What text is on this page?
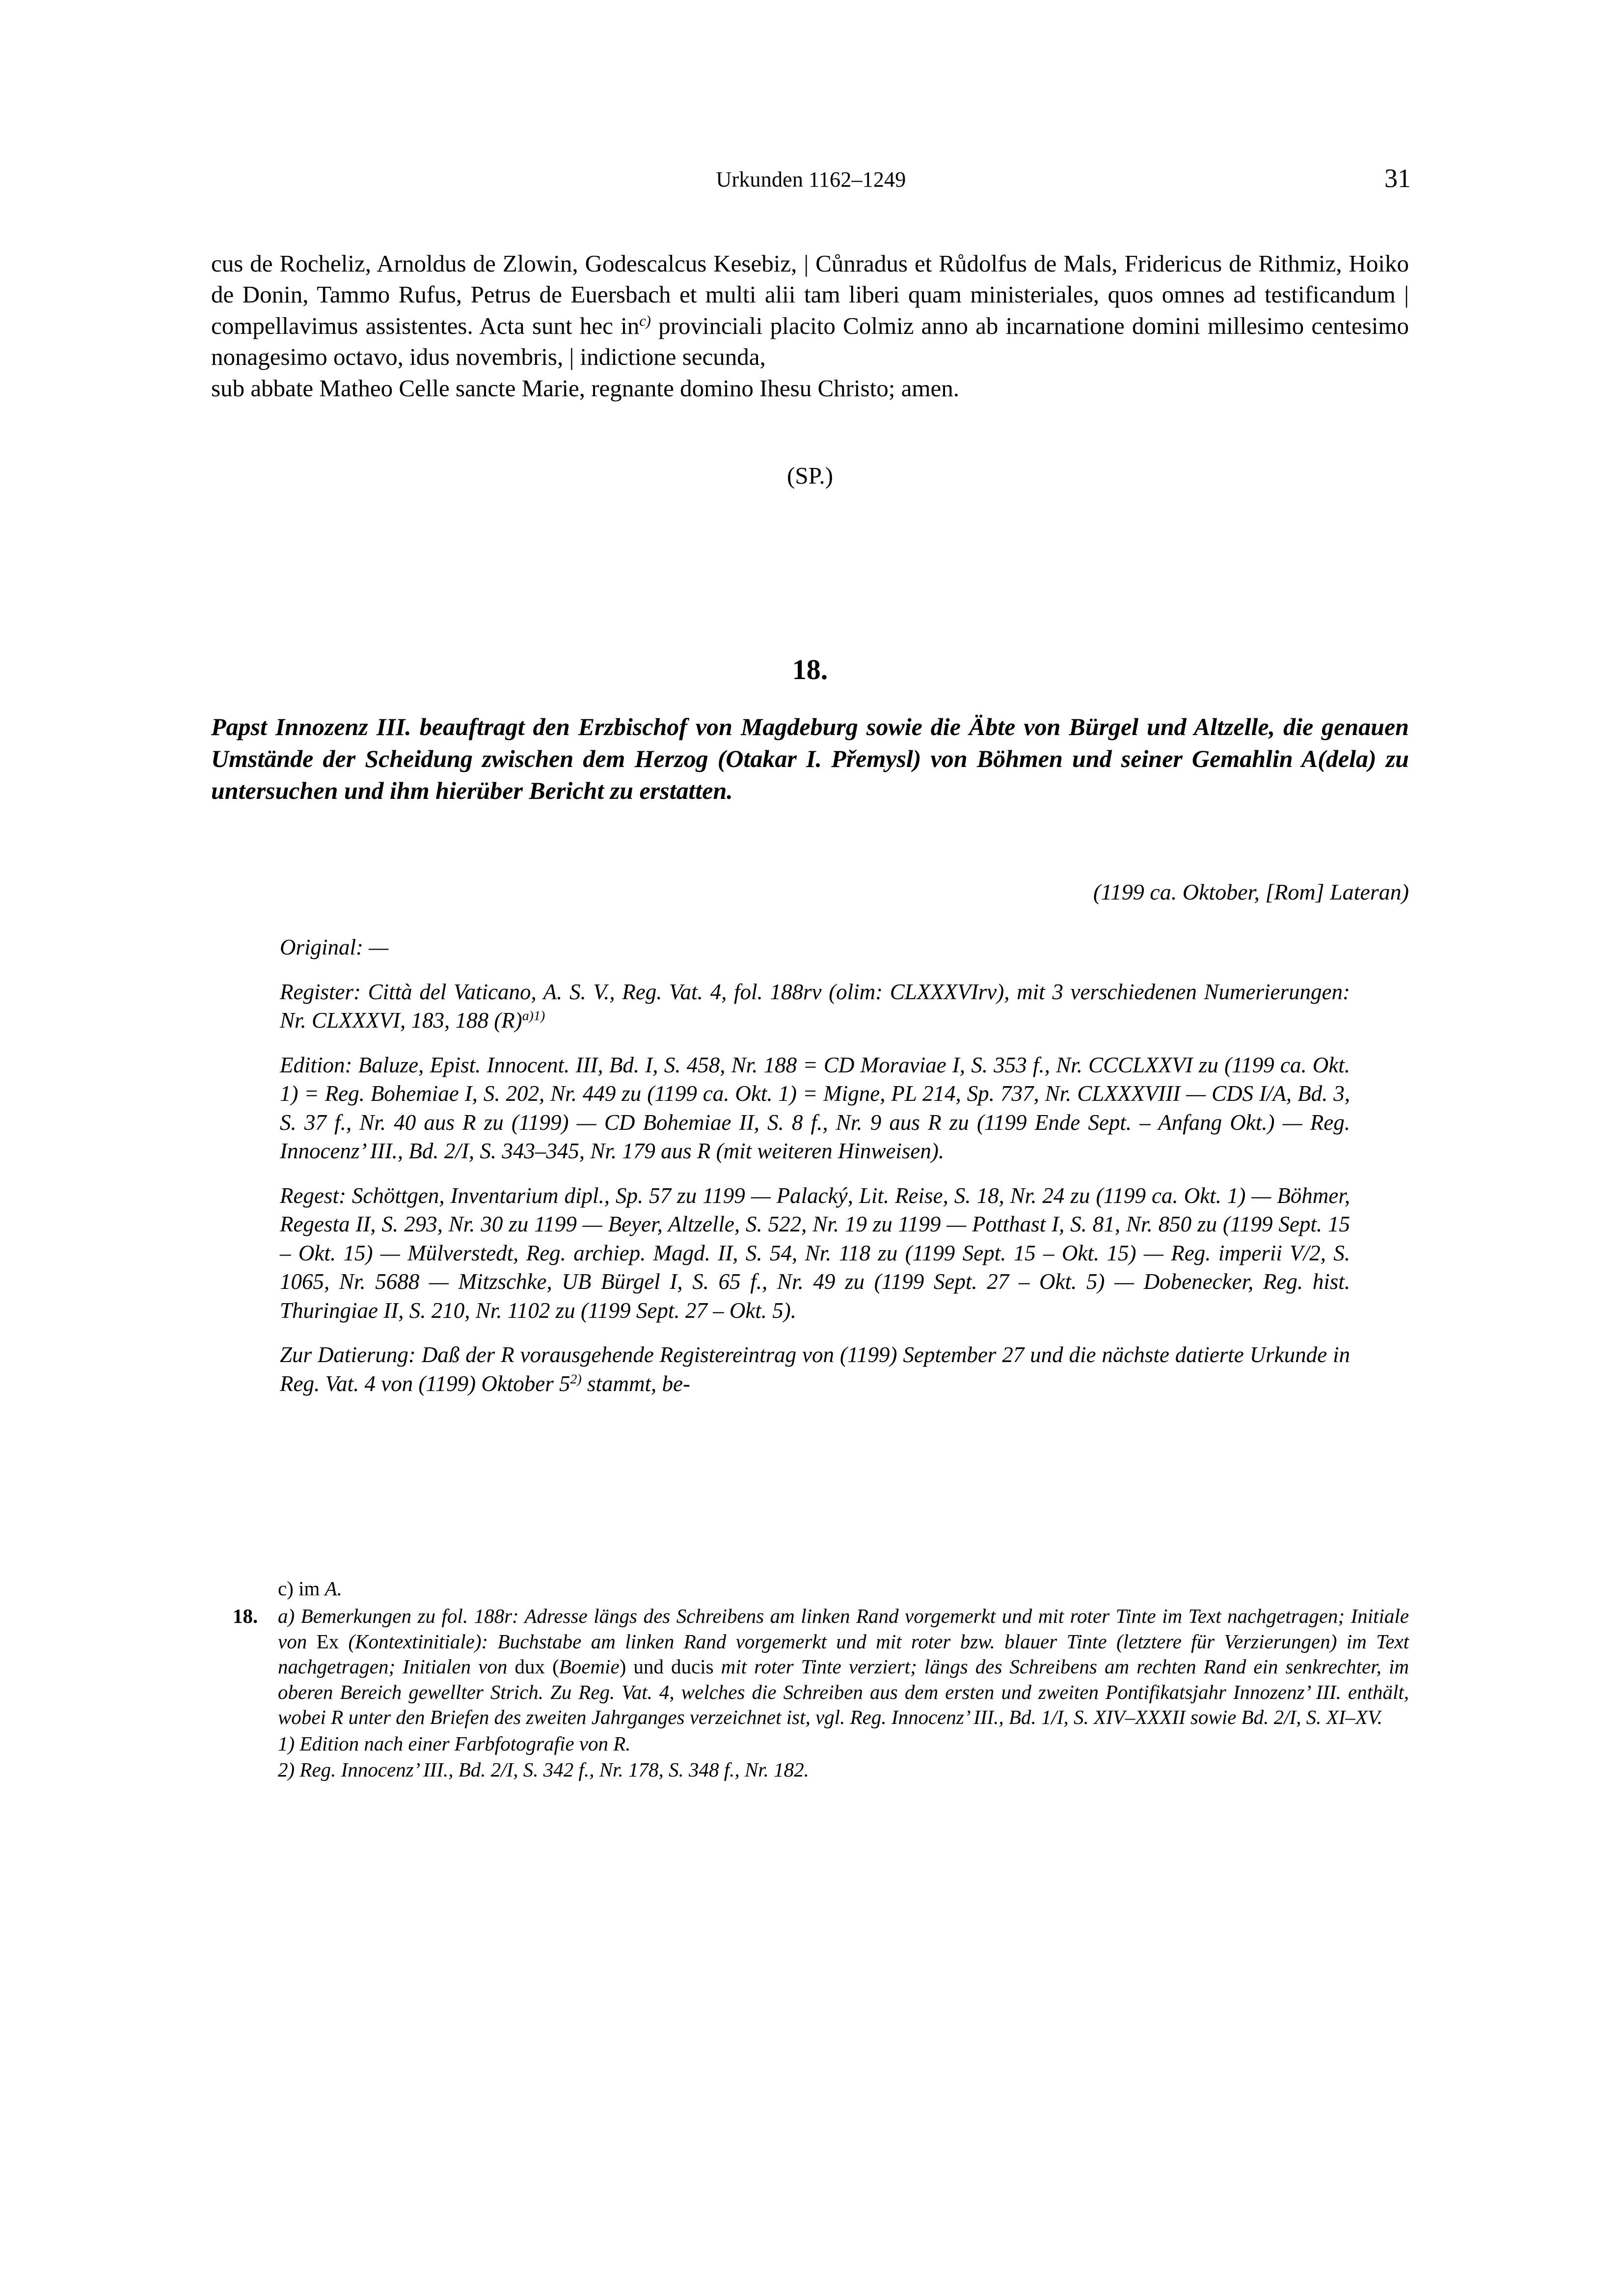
Urkunden 1162–1249	31
cus de Rocheliz, Arnoldus de Zlowin, Godescalcus Kesebiz, | Cůnradus et Růdolfus de Mals, Fridericus de Rithmiz, Hoiko de Donin, Tammo Rufus, Petrus de Euersbach et multi alii tam liberi quam ministeriales, quos omnes ad testificandum | compellavimus assistentes. Acta sunt hec in$^{c)}$ provinciali placito Colmiz anno ab incarnatione domini millesimo centesimo nonagesimo octavo, idus novembris, | indictione secunda,
sub abbate Matheo Celle sancte Marie, regnante domino Ihesu Christo; amen.
(SP.)
18.
Papst Innozenz III. beauftragt den Erzbischof von Magdeburg sowie die Äbte von Bürgel und Altzelle, die genauen Umstände der Scheidung zwischen dem Herzog (Otakar I. Přemysl) von Böhmen und seiner Gemahlin A(dela) zu untersuchen und ihm hierüber Bericht zu erstatten.
(1199 ca. Oktober, [Rom] Lateran)
Original: —
Register: Città del Vaticano, A. S. V., Reg. Vat. 4, fol. 188rv (olim: CLXXXVIrv), mit 3 verschiedenen Numerierungen: Nr. CLXXXVI, 183, 188 (R)$^{a)1)}$
Edition: Baluze, Epist. Innocent. III, Bd. I, S. 458, Nr. 188 = CD Moraviae I, S. 353 f., Nr. CCCLXXVI zu (1199 ca. Okt. 1) = Reg. Bohemiae I, S. 202, Nr. 449 zu (1199 ca. Okt. 1) = Migne, PL 214, Sp. 737, Nr. CLXXXVIII — CDS I/A, Bd. 3, S. 37 f., Nr. 40 aus R zu (1199) — CD Bohemiae II, S. 8 f., Nr. 9 aus R zu (1199 Ende Sept. – Anfang Okt.) — Reg. Innocenz’ III., Bd. 2/I, S. 343–345, Nr. 179 aus R (mit weiteren Hinweisen).
Regest: Schöttgen, Inventarium dipl., Sp. 57 zu 1199 — Palacký, Lit. Reise, S. 18, Nr. 24 zu (1199 ca. Okt. 1) — Böhmer, Regesta II, S. 293, Nr. 30 zu 1199 — Beyer, Altzelle, S. 522, Nr. 19 zu 1199 — Potthast I, S. 81, Nr. 850 zu (1199 Sept. 15 – Okt. 15) — Mülverstedt, Reg. archiep. Magd. II, S. 54, Nr. 118 zu (1199 Sept. 15 – Okt. 15) — Reg. imperii V/2, S. 1065, Nr. 5688 — Mitzschke, UB Bürgel I, S. 65 f., Nr. 49 zu (1199 Sept. 27 – Okt. 5) — Dobenecker, Reg. hist. Thuringiae II, S. 210, Nr. 1102 zu (1199 Sept. 27 – Okt. 5).
Zur Datierung: Daß der R vorausgehende Registereintrag von (1199) September 27 und die nächste datierte Urkunde in Reg. Vat. 4 von (1199) Oktober 5$^{2)}$ stammt, be-
c) im A.
18. a) Bemerkungen zu fol. 188r: Adresse längs des Schreibens am linken Rand vorgemerkt und mit roter Tinte im Text nachgetragen; Initiale von Ex (Kontextinitiale): Buchstabe am linken Rand vorgemerkt und mit roter bzw. blauer Tinte (letztere für Verzierungen) im Text nachgetragen; Initialen von dux (Boemie) und ducis mit roter Tinte verziert; längs des Schreibens am rechten Rand ein senkrechter, im oberen Bereich gewellter Strich. Zu Reg. Vat. 4, welches die Schreiben aus dem ersten und zweiten Pontifikatsjahr Innozenz’ III. enthält, wobei R unter den Briefen des zweiten Jahrganges verzeichnet ist, vgl. Reg. Innocenz’ III., Bd. 1/I, S. XIV–XXXII sowie Bd. 2/I, S. XI–XV.
1) Edition nach einer Farbfotografie von R.
2) Reg. Innocenz’ III., Bd. 2/I, S. 342 f., Nr. 178, S. 348 f., Nr. 182.
